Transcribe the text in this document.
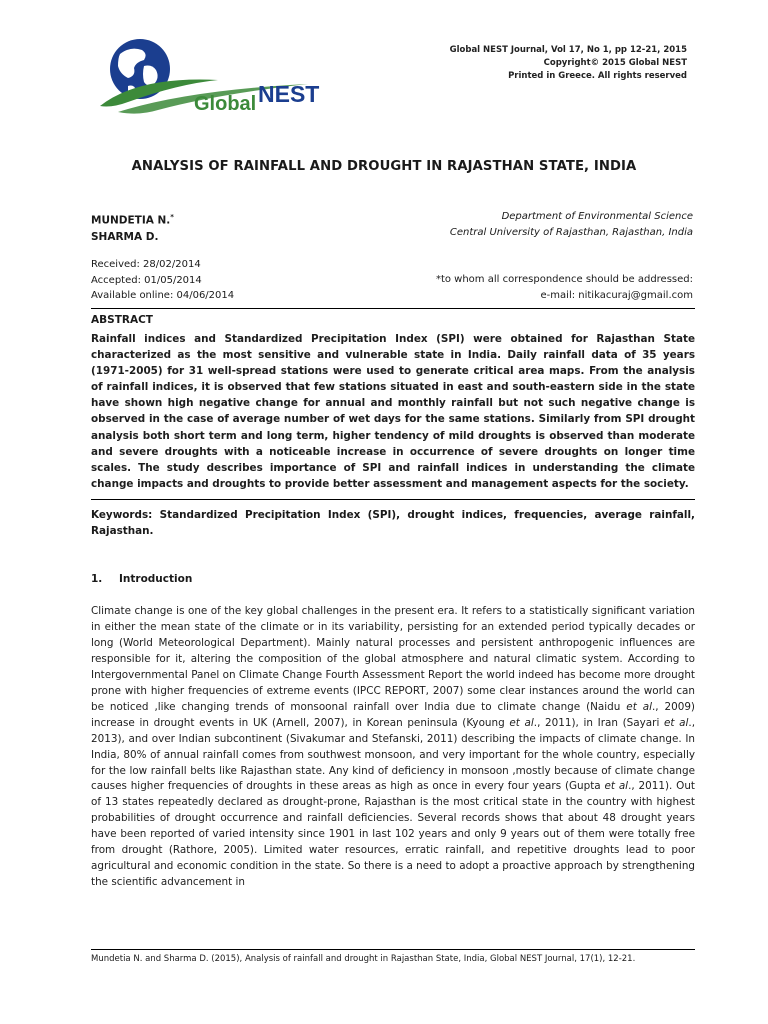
Global NEST
Global NEST Journal, Vol 17, No 1, pp 12-21, 2015
Copyright© 2015 Global NEST
Printed in Greece. All rights reserved
ANALYSIS OF RAINFALL AND DROUGHT IN RAJASTHAN STATE, INDIA
MUNDETIA N.*
SHARMA D.
Department of Environmental Science
Central University of Rajasthan, Rajasthan, India
Received: 28/02/2014
Accepted: 01/05/2014
Available online: 04/06/2014
*to whom all correspondence should be addressed:
e-mail: nitikacuraj@gmail.com
ABSTRACT
Rainfall indices and Standardized Precipitation Index (SPI) were obtained for Rajasthan State characterized as the most sensitive and vulnerable state in India. Daily rainfall data of 35 years (1971-2005) for 31 well-spread stations were used to generate critical area maps. From the analysis of rainfall indices, it is observed that few stations situated in east and south-eastern side in the state have shown high negative change for annual and monthly rainfall but not such negative change is observed in the case of average number of wet days for the same stations. Similarly from SPI drought analysis both short term and long term, higher tendency of mild droughts is observed than moderate and severe droughts with a noticeable increase in occurrence of severe droughts on longer time scales. The study describes importance of SPI and rainfall indices in understanding the climate change impacts and droughts to provide better assessment and management aspects for the society.
Keywords: Standardized Precipitation Index (SPI), drought indices, frequencies, average rainfall, Rajasthan.
1. Introduction
Climate change is one of the key global challenges in the present era. It refers to a statistically significant variation in either the mean state of the climate or in its variability, persisting for an extended period typically decades or long (World Meteorological Department). Mainly natural processes and persistent anthropogenic influences are responsible for it, altering the composition of the global atmosphere and natural climatic system. According to Intergovernmental Panel on Climate Change Fourth Assessment Report the world indeed has become more drought prone with higher frequencies of extreme events (IPCC REPORT, 2007) some clear instances around the world can be noticed ,like changing trends of monsoonal rainfall over India due to climate change (Naidu et al., 2009) increase in drought events in UK (Arnell, 2007), in Korean peninsula (Kyoung et al., 2011), in Iran (Sayari et al., 2013), and over Indian subcontinent (Sivakumar and Stefanski, 2011) describing the impacts of climate change. In India, 80% of annual rainfall comes from southwest monsoon, and very important for the whole country, especially for the low rainfall belts like Rajasthan state. Any kind of deficiency in monsoon ,mostly because of climate change causes higher frequencies of droughts in these areas as high as once in every four years (Gupta et al., 2011). Out of 13 states repeatedly declared as drought-prone, Rajasthan is the most critical state in the country with highest probabilities of drought occurrence and rainfall deficiencies. Several records shows that about 48 drought years have been reported of varied intensity since 1901 in last 102 years and only 9 years out of them were totally free from drought (Rathore, 2005). Limited water resources, erratic rainfall, and repetitive droughts lead to poor agricultural and economic condition in the state. So there is a need to adopt a proactive approach by strengthening the scientific advancement in
Mundetia N. and Sharma D. (2015), Analysis of rainfall and drought in Rajasthan State, India, Global NEST Journal, 17(1), 12-21.
